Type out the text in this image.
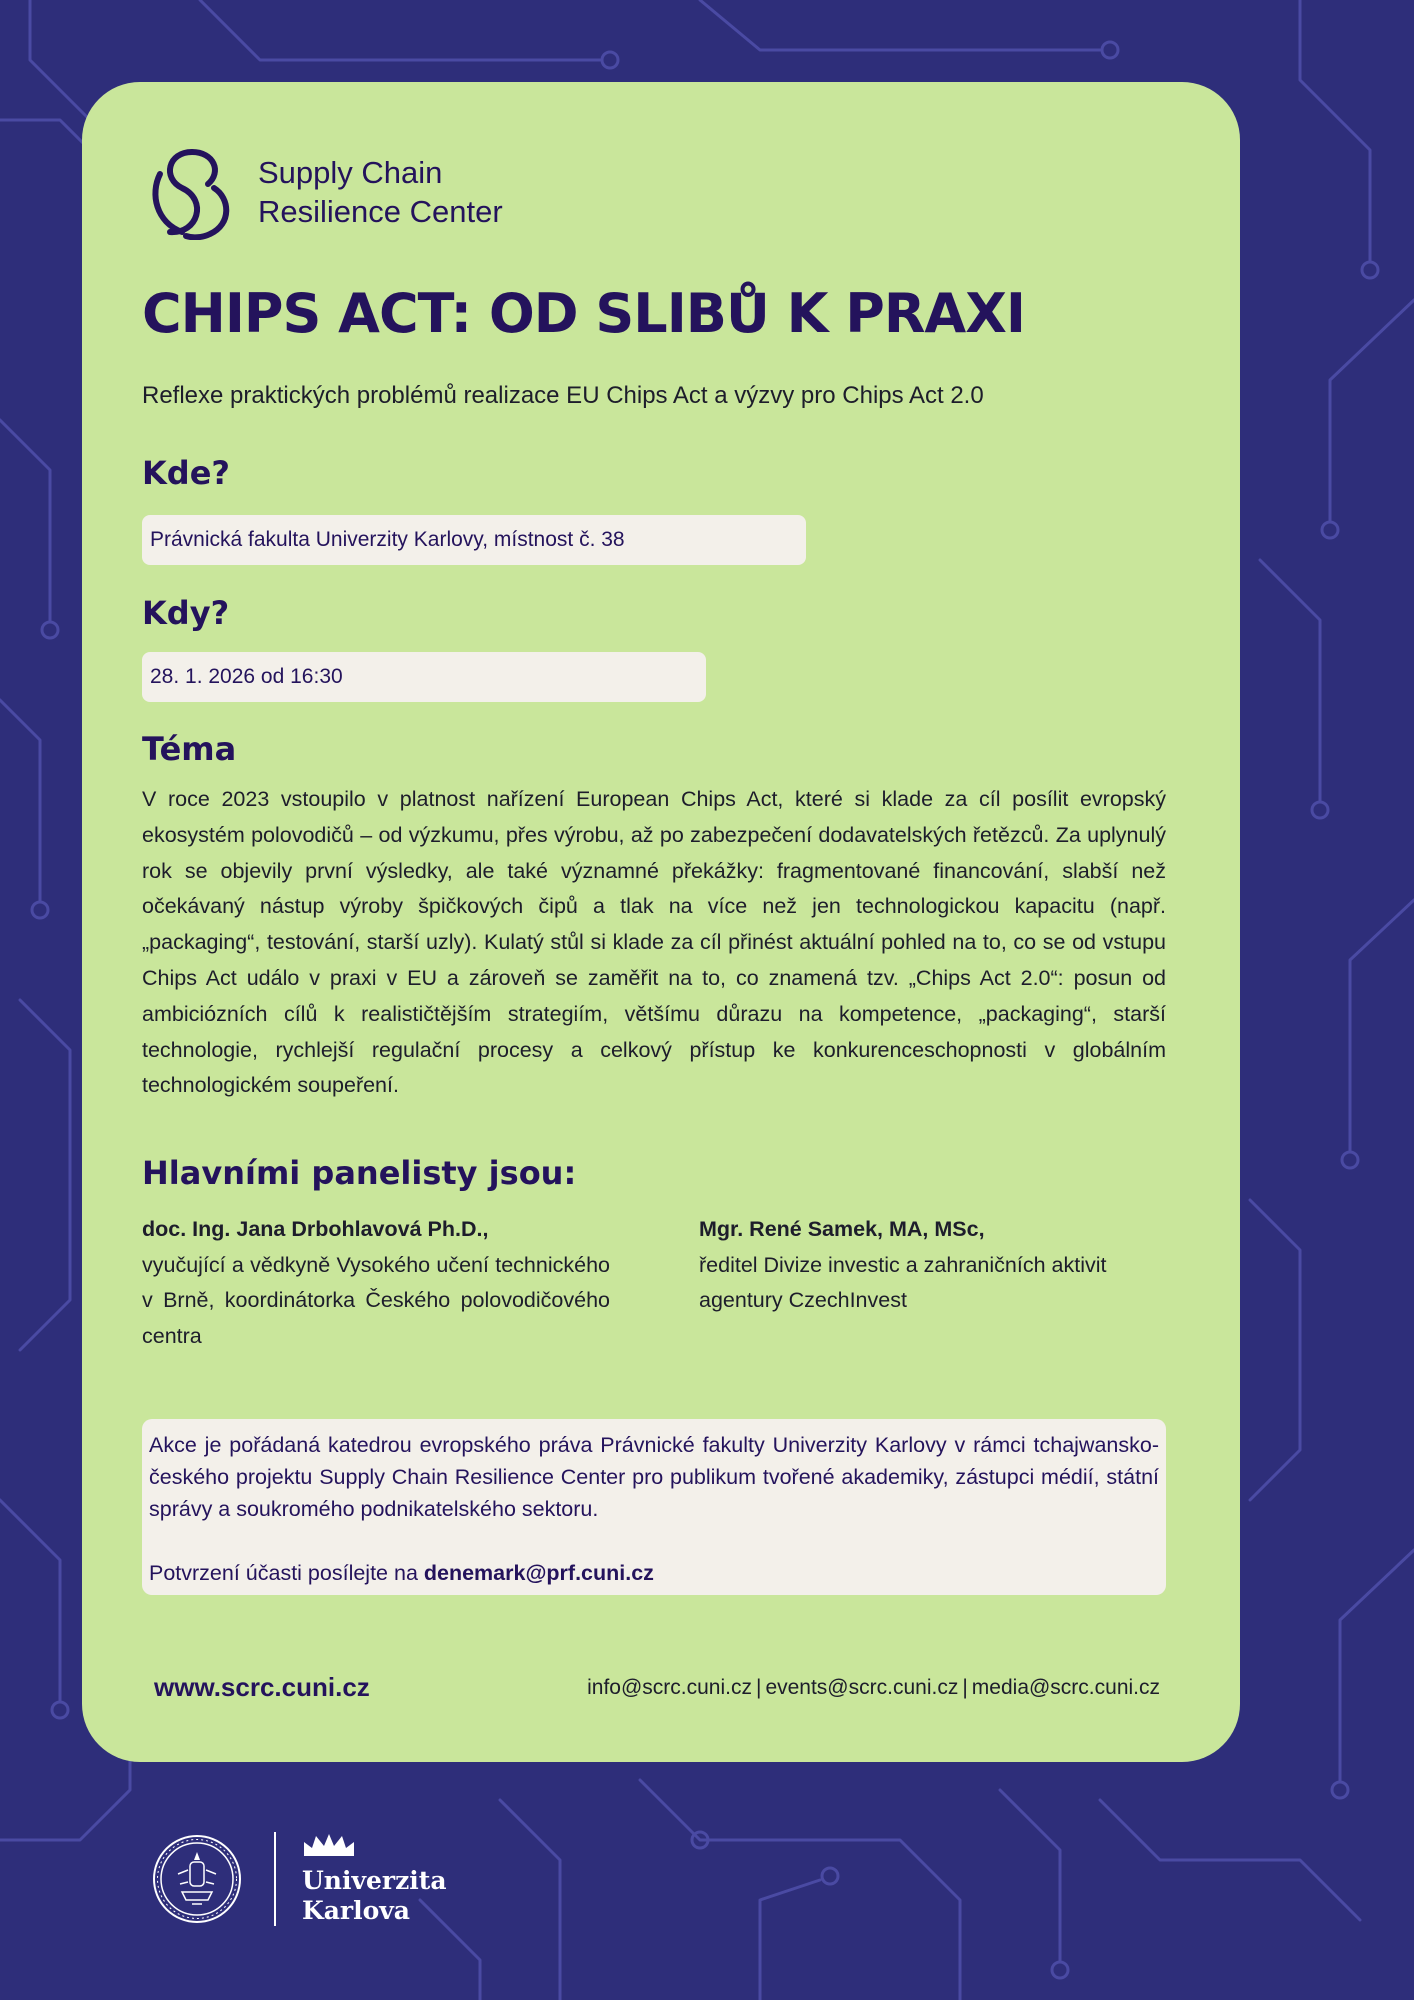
Supply Chain
Resilience Center
CHIPS ACT: OD SLIBŮ K PRAXI
Reflexe praktických problémů realizace EU Chips Act a výzvy pro Chips Act 2.0
Kde?
Právnická fakulta Univerzity Karlovy, místnost č. 38
Kdy?
28. 1. 2026 od 16:30
Téma

V roce 2023 vstoupilo v platnost nařízení European Chips Act, které si klade za cíl posílit evropský ekosystém polovodičů – od výzkumu, přes výrobu, až po zabezpečení dodavatelských řetězců. Za uplynulý rok se objevily první výsledky, ale také významné překážky: fragmentované financování, slabší než očekávaný nástup výroby špičkových čipů a tlak na více než jen technologickou kapacitu (např. „packaging“, testování, starší uzly). Kulatý stůl si klade za cíl přinést aktuální pohled na to, co se od vstupu Chips Act událo v praxi v EU a zároveň se zaměřit na to, co znamená tzv. „Chips Act 2.0“: posun od ambiciózních cílů k realističtějším strategiím, většímu důrazu na kompetence, „packaging“, starší technologie, rychlejší regulační procesy a celkový přístup ke konkurenceschopnosti v globálním technologickém soupeření.

Hlavními panelisty jsou:
doc. Ing. Jana Drbohlavová Ph.D.,
vyučující a vědkyně Vysokého učení technického v Brně, koordinátorka Českého polovodičového centra
Mgr. René Samek, MA, MSc,
ředitel Divize investic a zahraničních aktivit agentury CzechInvest

Akce je pořádaná katedrou evropského práva Právnické fakulty Univerzity Karlovy v rámci tchajwansko-českého projektu Supply Chain Resilience Center pro publikum tvořené akademiky, zástupci médií, státní správy a soukromého podnikatelského sektoru.

Potvrzení účasti posílejte na denemark@prf.cuni.cz

www.scrc.cuni.cz	info@scrc.cuni.cz | events@scrc.cuni.cz | media@scrc.cuni.cz
Univerzita
Karlova
